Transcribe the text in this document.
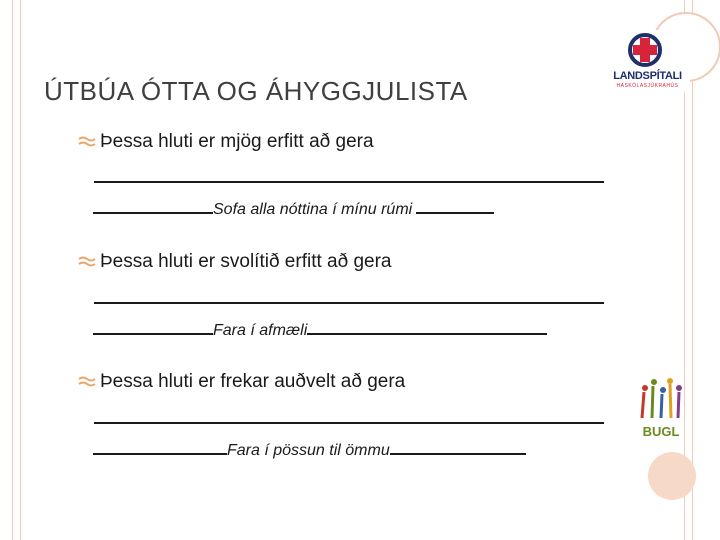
LANDSPÍTALI
HÁSKÓLASJÚKRAHÚS
BUGL
ÚTBÚA ÓTTA OG ÁHYGGJULISTA
Þessa hluti er mjög erfitt að gera
Sofa alla nóttina í mínu rúmi
Þessa hluti er svolítið erfitt að gera
Fara í afmæli
Þessa hluti er frekar auðvelt að gera
Fara í pössun til ömmu
